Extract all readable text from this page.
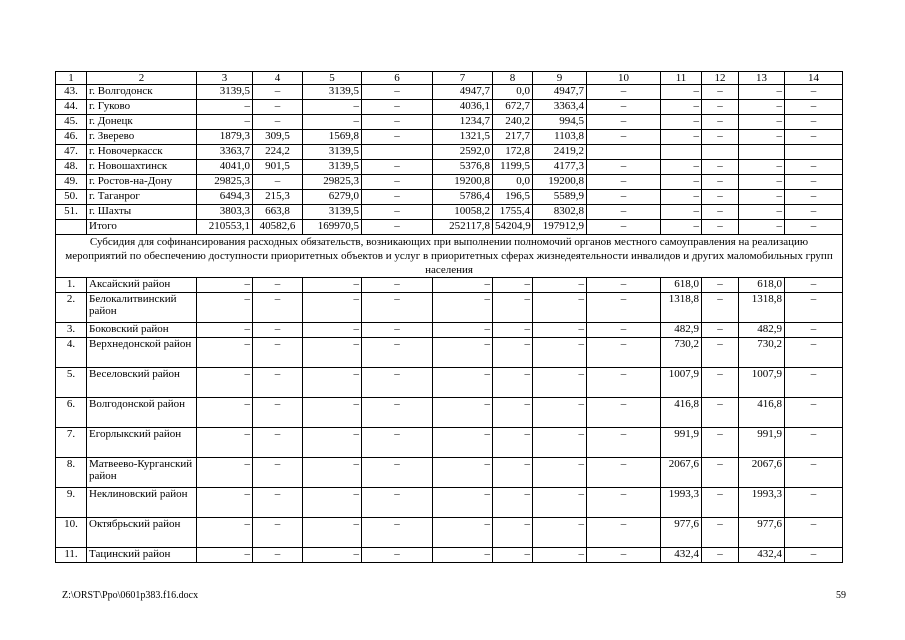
1	2	3	4	5	6	7	8	9	10	11	12	13	14
43.	г. Волгодонск	3139,5	–	3139,5	–	4947,7	0,0	4947,7	–	–	–	–	–
44.	г. Гуково	–	–	–	–	4036,1	672,7	3363,4	–	–	–	–	–
45.	г. Донецк	–	–	–	–	1234,7	240,2	994,5	–	–	–	–	–
46.	г. Зверево	1879,3	309,5	1569,8	–	1321,5	217,7	1103,8	–	–	–	–	–
47.	г. Новочеркасск	3363,7	224,2	3139,5		2592,0	172,8	2419,2					
48.	г. Новошахтинск	4041,0	901,5	3139,5	–	5376,8	1199,5	4177,3	–	–	–	–	–
49.	г. Ростов-на-Дону	29825,3	–	29825,3	–	19200,8	0,0	19200,8	–	–	–	–	–
50.	г. Таганрог	6494,3	215,3	6279,0	–	5786,4	196,5	5589,9	–	–	–	–	–
51.	г. Шахты	3803,3	663,8	3139,5	–	10058,2	1755,4	8302,8	–	–	–	–	–
	Итого	210553,1	40582,6	169970,5	–	252117,8	54204,9	197912,9	–	–	–	–	–
Субсидия для софинансирования расходных обязательств, возникающих при выполнении полномочий органов местного самоуправления на реализацию мероприятий по обеспечению доступности приоритетных объектов и услуг в приоритетных сферах жизнедеятельности инвалидов и других маломобильных групп населения													
1.	Аксайский район	–	–	–	–	–	–	–	–	618,0	–	618,0	–
2.	Белокалитвинский район	–	–	–	–	–	–	–	–	1318,8	–	1318,8	–
3.	Боковский район	–	–	–	–	–	–	–	–	482,9	–	482,9	–
4.	Верхнедонской район	–	–	–	–	–	–	–	–	730,2	–	730,2	–
5.	Веселовский район	–	–	–	–	–	–	–	–	1007,9	–	1007,9	–
6.	Волгодонской район	–	–	–	–	–	–	–	–	416,8	–	416,8	–
7.	Егорлыкский район	–	–	–	–	–	–	–	–	991,9	–	991,9	–
8.	Матвеево-Курганский район	–	–	–	–	–	–	–	–	2067,6	–	2067,6	–
9.	Неклиновский район	–	–	–	–	–	–	–	–	1993,3	–	1993,3	–
10.	Октябрьский район	–	–	–	–	–	–	–	–	977,6	–	977,6	–
11.	Тацинский район	–	–	–	–	–	–	–	–	432,4	–	432,4	–
Z:\ORST\Ppo\0601p383.f16.docx	59
